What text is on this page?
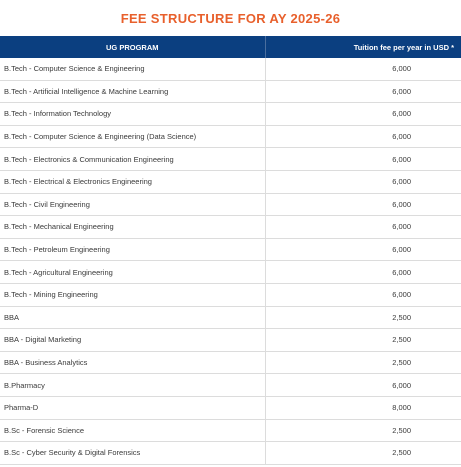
FEE STRUCTURE FOR AY 2025-26
UG PROGRAM	Tuition fee per year in USD *
B.Tech - Computer Science & Engineering	6,000
B.Tech - Artificial Intelligence & Machine Learning	6,000
B.Tech - Information Technology	6,000
B.Tech - Computer Science & Engineering (Data Science)	6,000
B.Tech - Electronics & Communication Engineering	6,000
B.Tech - Electrical & Electronics Engineering	6,000
B.Tech - Civil Engineering	6,000
B.Tech - Mechanical Engineering	6,000
B.Tech - Petroleum Engineering	6,000
B.Tech - Agricultural Engineering	6,000
B.Tech - Mining Engineering	6,000
BBA	2,500
BBA - Digital Marketing	2,500
BBA - Business Analytics	2,500
B.Pharmacy	6,000
Pharma-D	8,000
B.Sc - Forensic Science	2,500
B.Sc - Cyber Security & Digital Forensics	2,500
